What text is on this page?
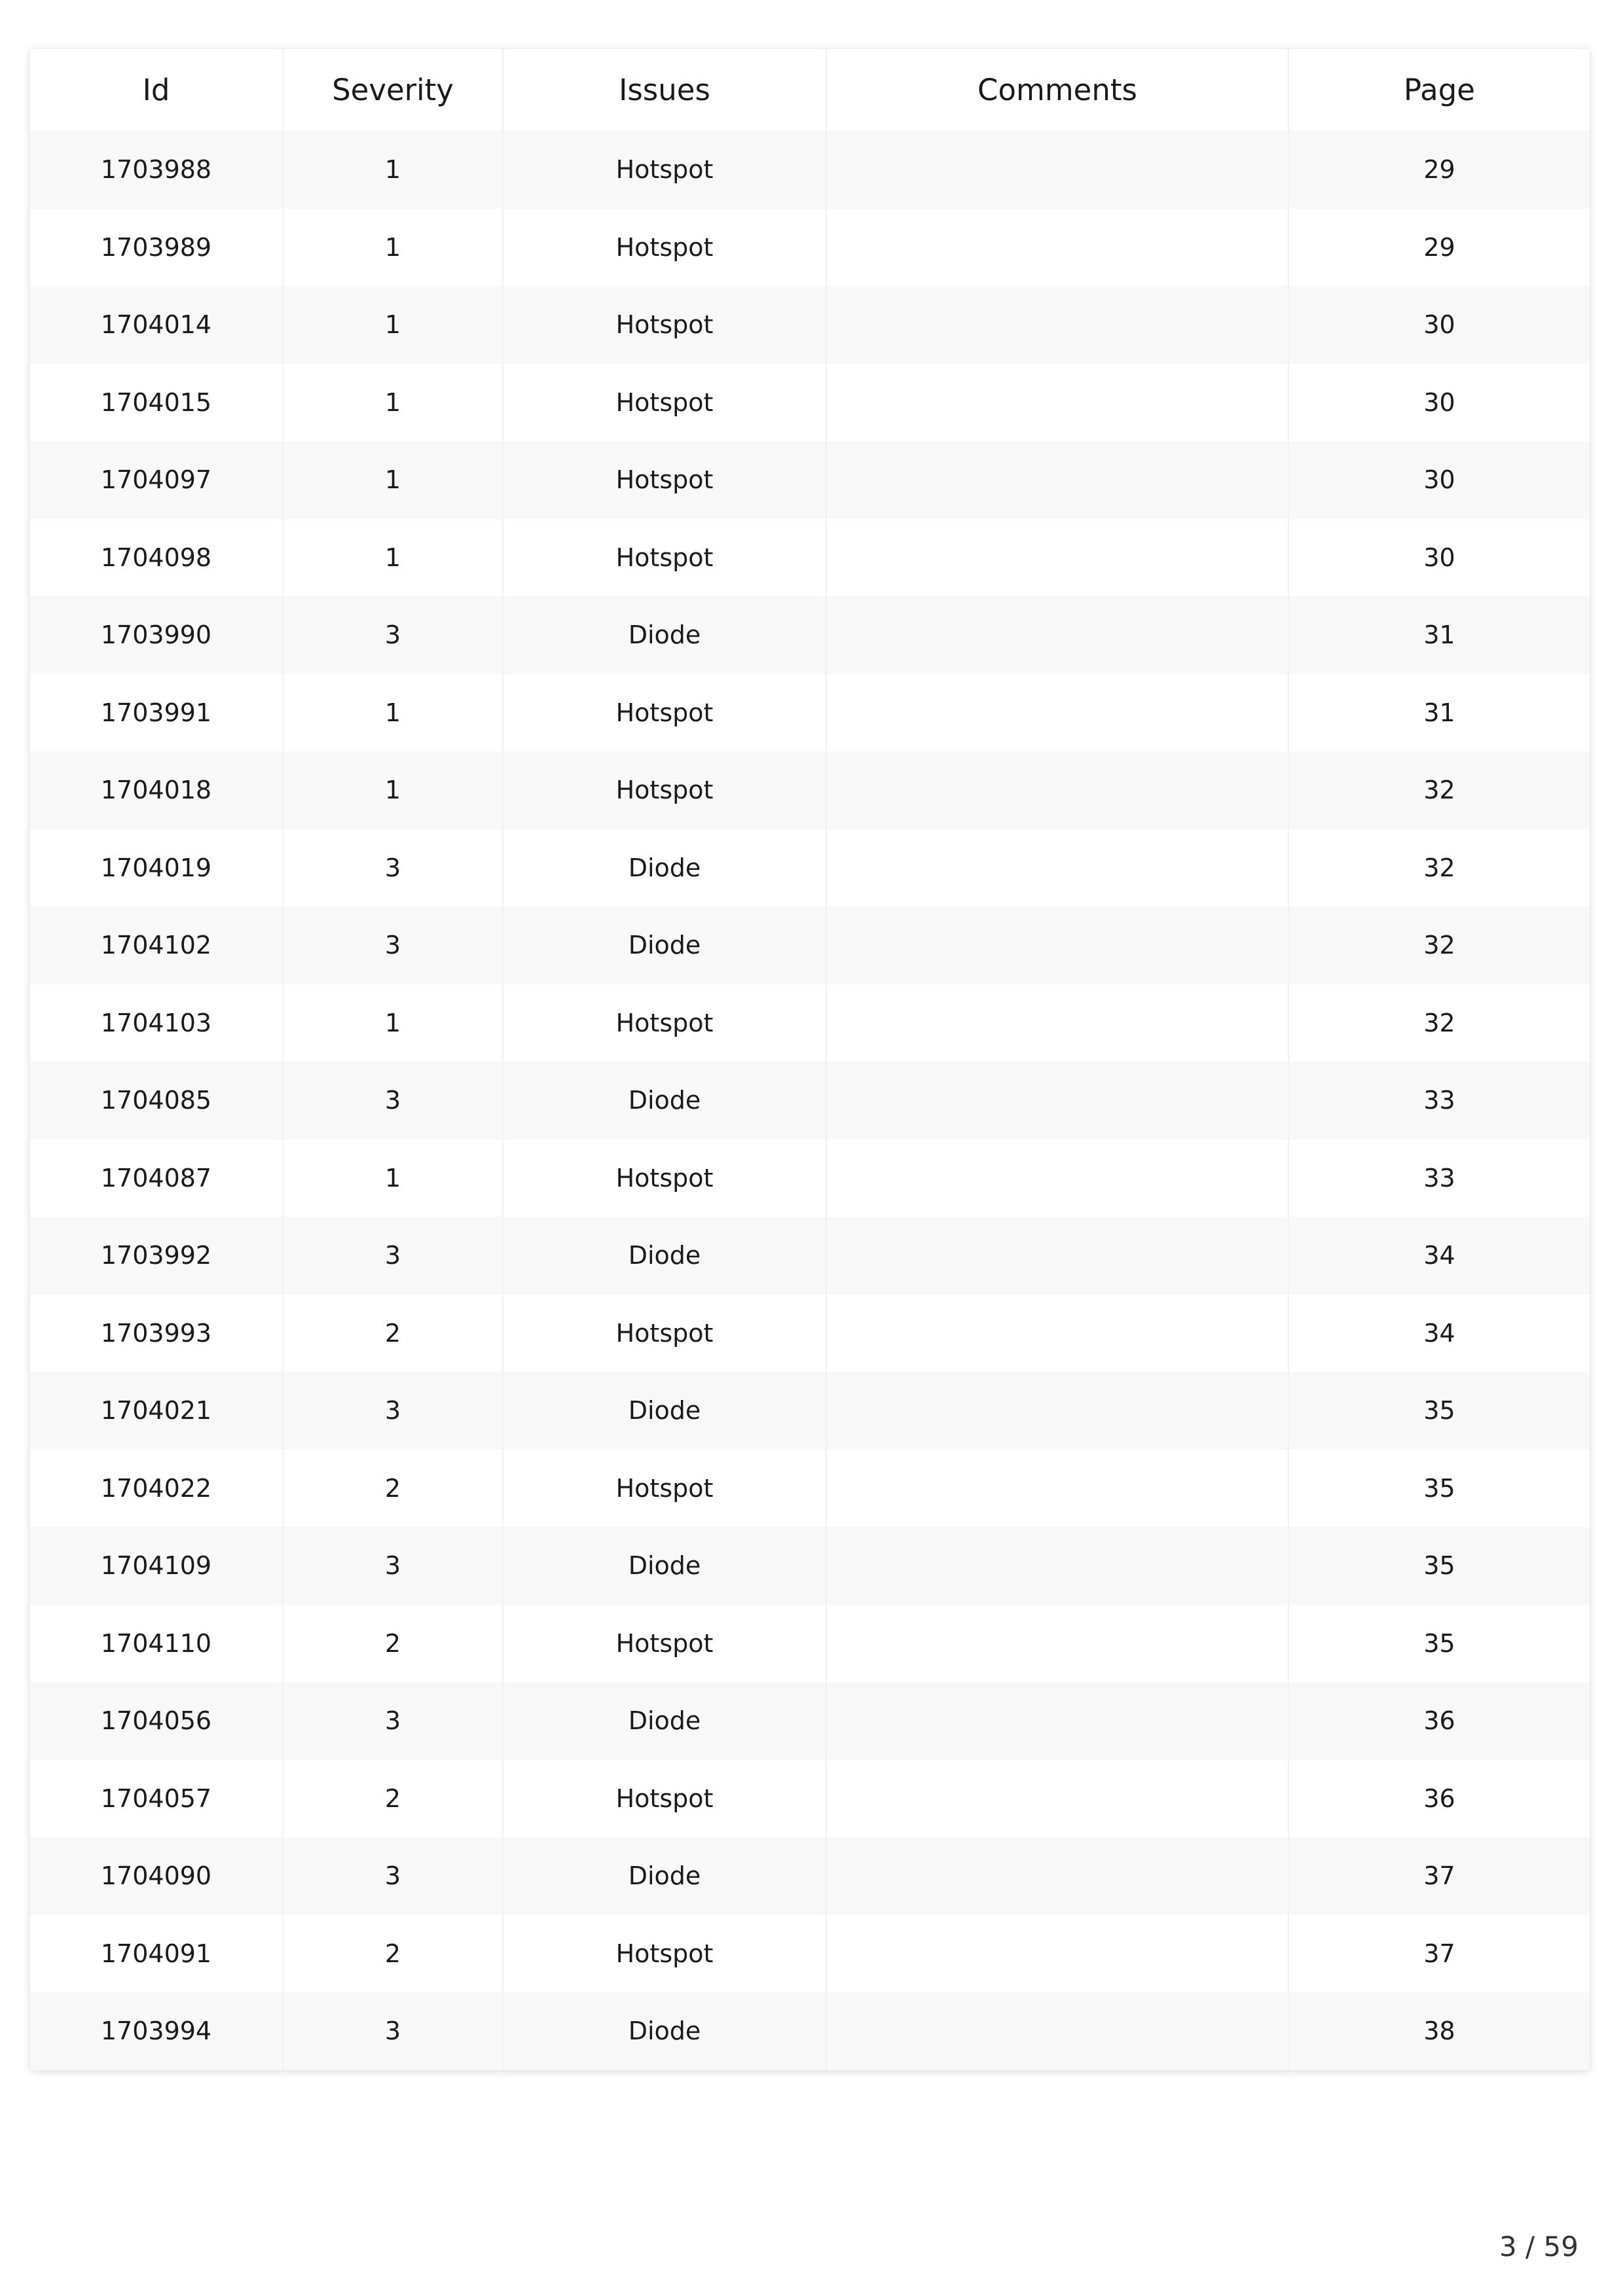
Id	Severity	Issues	Comments	Page
1703988	1	Hotspot		29
1703989	1	Hotspot		29
1704014	1	Hotspot		30
1704015	1	Hotspot		30
1704097	1	Hotspot		30
1704098	1	Hotspot		30
1703990	3	Diode		31
1703991	1	Hotspot		31
1704018	1	Hotspot		32
1704019	3	Diode		32
1704102	3	Diode		32
1704103	1	Hotspot		32
1704085	3	Diode		33
1704087	1	Hotspot		33
1703992	3	Diode		34
1703993	2	Hotspot		34
1704021	3	Diode		35
1704022	2	Hotspot		35
1704109	3	Diode		35
1704110	2	Hotspot		35
1704056	3	Diode		36
1704057	2	Hotspot		36
1704090	3	Diode		37
1704091	2	Hotspot		37
1703994	3	Diode		38
3 / 59
